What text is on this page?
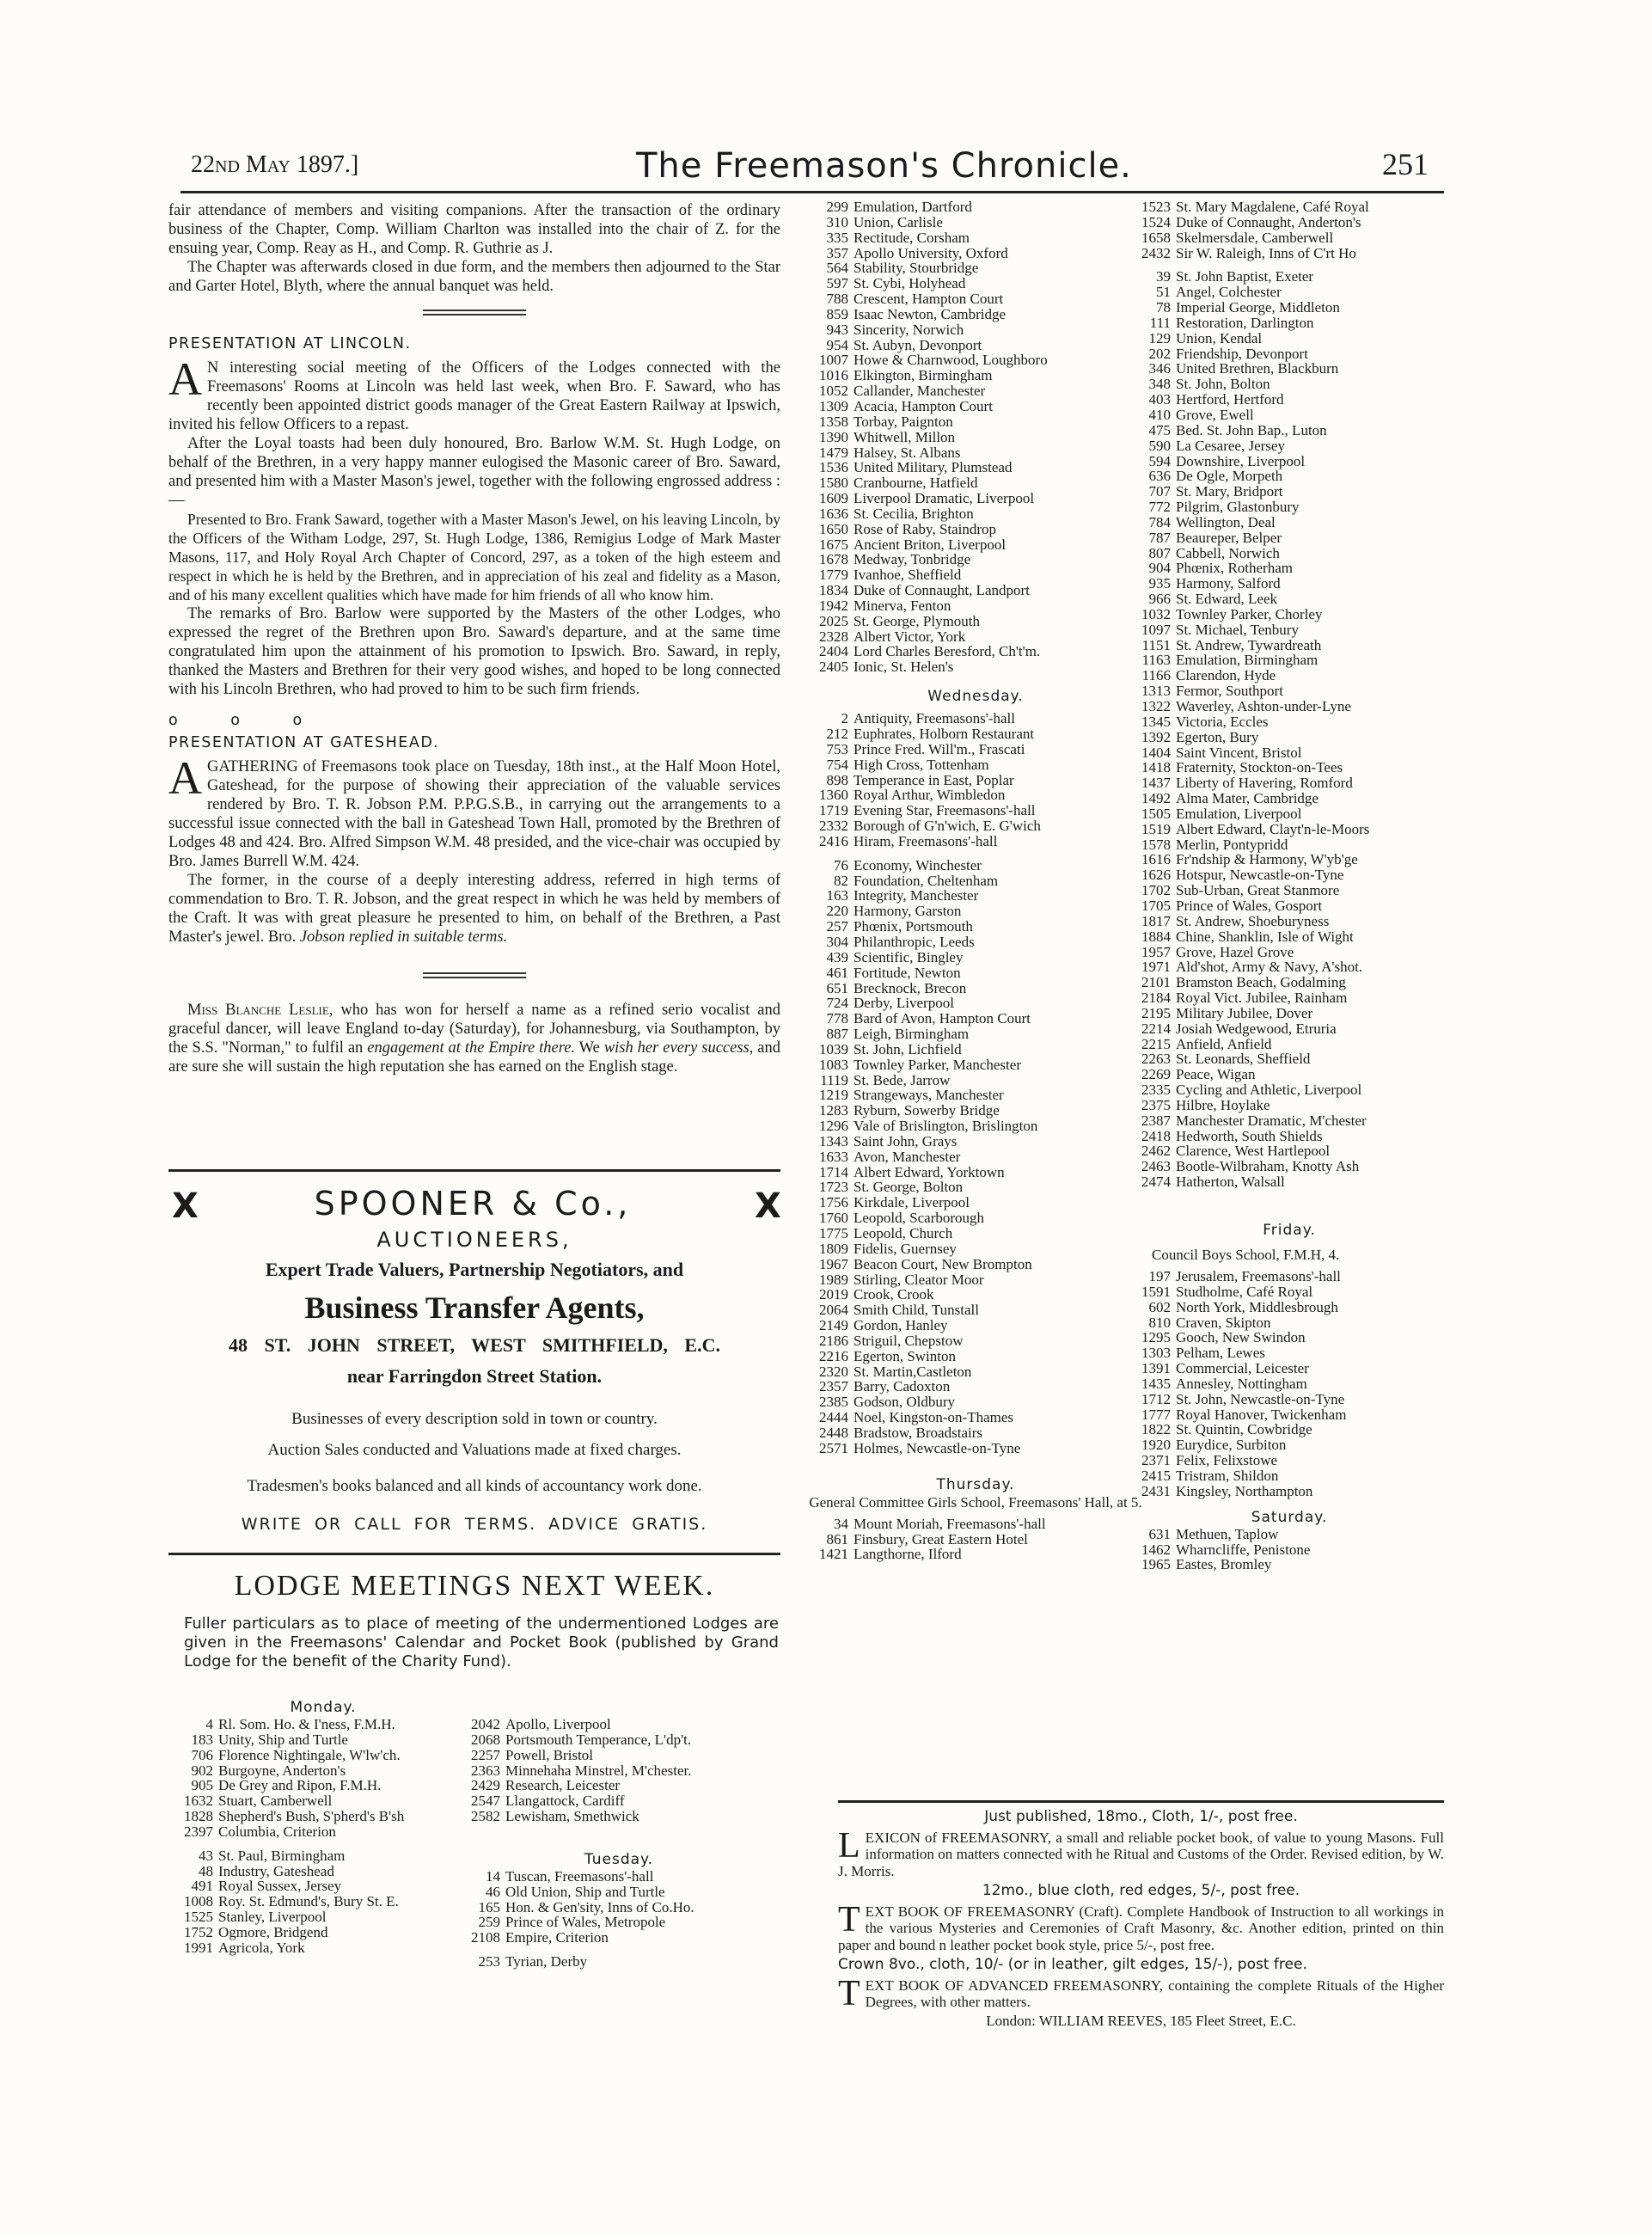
22nd May 1897.]	The Freemason's Chronicle.	251

fair attendance of members and visiting companions. After the transaction of the ordinary business of the Chapter, Comp. William Charlton was installed into the chair of Z. for the ensuing year, Comp. Reay as H., and Comp. R. Guthrie as J.

The Chapter was afterwards closed in due form, and the members then adjourned to the Star and Garter Hotel, Blyth, where the annual banquet was held.

PRESENTATION AT LINCOLN.

A N interesting social meeting of the Officers of the Lodges connected with the Freemasons' Rooms at Lincoln was held last week, when Bro. F. Saward, who has recently been appointed district goods manager of the Great Eastern Railway at Ipswich, invited his fellow Officers to a repast.

After the Loyal toasts had been duly honoured, Bro. Barlow W.M. St. Hugh Lodge, on behalf of the Brethren, in a very happy manner eulogised the Masonic career of Bro. Saward, and presented him with a Master Mason's jewel, together with the following engrossed address :—

Presented to Bro. Frank Saward, together with a Master Mason's Jewel, on his leaving Lincoln, by the Officers of the Witham Lodge, 297, St. Hugh Lodge, 1386, Remigius Lodge of Mark Master Masons, 117, and Holy Royal Arch Chapter of Concord, 297, as a token of the high esteem and respect in which he is held by the Brethren, and in appreciation of his zeal and fidelity as a Mason, and of his many excellent qualities which have made for him friends of all who know him.

The remarks of Bro. Barlow were supported by the Masters of the other Lodges, who expressed the regret of the Brethren upon Bro. Saward's departure, and at the same time congratulated him upon the attainment of his promotion to Ipswich. Bro. Saward, in reply, thanked the Masters and Brethren for their very good wishes, and hoped to be long connected with his Lincoln Brethren, who had proved to him to be such firm friends.

o o o

PRESENTATION AT GATESHEAD.

AGATHERING of Freemasons took place on Tuesday, 18th inst., at the Half Moon Hotel, Gateshead, for the purpose of showing their appreciation of the valuable services rendered by Bro. T. R. Jobson P.M. P.P.G.S.B., in carrying out the arrangements to a successful issue connected with the ball in Gateshead Town Hall, promoted by the Brethren of Lodges 48 and 424. Bro. Alfred Simpson W.M. 48 presided, and the vice-chair was occupied by Bro. James Burrell W.M. 424.

The former, in the course of a deeply interesting address, referred in high terms of commendation to Bro. T. R. Jobson, and the great respect in which he was held by members of the Craft. It was with great pleasure he presented to him, on behalf of the Brethren, a Past Master's jewel. Bro. Jobson replied in suitable terms.

Miss Blanche Leslie, who has won for herself a name as a refined serio vocalist and graceful dancer, will leave England to-day (Saturday), for Johannesburg, via Southampton, by the S.S. "Norman," to fulfil an engagement at the Empire there. We wish her every success, and are sure she will sustain the high reputation she has earned on the English stage.

X	X
SPOONER & Co.,
AUCTIONEERS,
Expert Trade Valuers, Partnership Negotiators, and
Business Transfer Agents,
48 ST. JOHN STREET, WEST SMITHFIELD, E.C.
near Farringdon Street Station.
Businesses of every description sold in town or country.
Auction Sales conducted and Valuations made at fixed charges.
Tradesmen's books balanced and all kinds of accountancy work done.
WRITE OR CALL FOR TERMS. ADVICE GRATIS.
LODGE MEETINGS NEXT WEEK.
Fuller particulars as to place of meeting of the undermentioned Lodges are given in the Freemasons' Calendar and Pocket Book (published by Grand Lodge for the benefit of the Charity Fund).
Monday.
4 Rl. Som. Ho. & I'ness, F.M.H.
183 Unity, Ship and Turtle
706 Florence Nightingale, W'lw'ch.
902 Burgoyne, Anderton's
905 De Grey and Ripon, F.M.H.
1632 Stuart, Camberwell
1828 Shepherd's Bush, S'pherd's B'sh
2397 Columbia, Criterion
43 St. Paul, Birmingham
48 Industry, Gateshead
491 Royal Sussex, Jersey
1008 Roy. St. Edmund's, Bury St. E.
1525 Stanley, Liverpool
1752 Ogmore, Bridgend
1991 Agricola, York
2042 Apollo, Liverpool
2068 Portsmouth Temperance, L'dp't.
2257 Powell, Bristol
2363 Minnehaha Minstrel, M'chester.
2429 Research, Leicester
2547 Llangattock, Cardiff
2582 Lewisham, Smethwick
Tuesday.
14 Tuscan, Freemasons'-hall
46 Old Union, Ship and Turtle
165 Hon. & Gen'sity, Inns of Co.Ho.
259 Prince of Wales, Metropole
2108 Empire, Criterion
253 Tyrian, Derby
299 Emulation, Dartford
310 Union, Carlisle
335 Rectitude, Corsham
357 Apollo University, Oxford
564 Stability, Stourbridge
597 St. Cybi, Holyhead
788 Crescent, Hampton Court
859 Isaac Newton, Cambridge
943 Sincerity, Norwich
954 St. Aubyn, Devonport
1007 Howe & Charnwood, Loughboro
1016 Elkington, Birmingham
1052 Callander, Manchester
1309 Acacia, Hampton Court
1358 Torbay, Paignton
1390 Whitwell, Millon
1479 Halsey, St. Albans
1536 United Military, Plumstead
1580 Cranbourne, Hatfield
1609 Liverpool Dramatic, Liverpool
1636 St. Cecilia, Brighton
1650 Rose of Raby, Staindrop
1675 Ancient Briton, Liverpool
1678 Medway, Tonbridge
1779 Ivanhoe, Sheffield
1834 Duke of Connaught, Landport
1942 Minerva, Fenton
2025 St. George, Plymouth
2328 Albert Victor, York
2404 Lord Charles Beresford, Ch't'm.
2405 Ionic, St. Helen's
Wednesday.
2 Antiquity, Freemasons'-hall
212 Euphrates, Holborn Restaurant
753 Prince Fred. Will'm., Frascati
754 High Cross, Tottenham
898 Temperance in East, Poplar
1360 Royal Arthur, Wimbledon
1719 Evening Star, Freemasons'-hall
2332 Borough of G'n'wich, E. G'wich
2416 Hiram, Freemasons'-hall
76 Economy, Winchester
82 Foundation, Cheltenham
163 Integrity, Manchester
220 Harmony, Garston
257 Phœnix, Portsmouth
304 Philanthropic, Leeds
439 Scientific, Bingley
461 Fortitude, Newton
651 Brecknock, Brecon
724 Derby, Liverpool
778 Bard of Avon, Hampton Court
887 Leigh, Birmingham
1039 St. John, Lichfield
1083 Townley Parker, Manchester
1119 St. Bede, Jarrow
1219 Strangeways, Manchester
1283 Ryburn, Sowerby Bridge
1296 Vale of Brislington, Brislington
1343 Saint John, Grays
1633 Avon, Manchester
1714 Albert Edward, Yorktown
1723 St. George, Bolton
1756 Kirkdale, Liverpool
1760 Leopold, Scarborough
1775 Leopold, Church
1809 Fidelis, Guernsey
1967 Beacon Court, New Brompton
1989 Stirling, Cleator Moor
2019 Crook, Crook
2064 Smith Child, Tunstall
2149 Gordon, Hanley
2186 Striguil, Chepstow
2216 Egerton, Swinton
2320 St. Martin,Castleton
2357 Barry, Cadoxton
2385 Godson, Oldbury
2444 Noel, Kingston-on-Thames
2448 Bradstow, Broadstairs
2571 Holmes, Newcastle-on-Tyne
Thursday.
General Committee Girls School, Freemasons' Hall, at 5.
34 Mount Moriah, Freemasons'-hall
861 Finsbury, Great Eastern Hotel
1421 Langthorne, Ilford
1523 St. Mary Magdalene, Café Royal
1524 Duke of Connaught, Anderton's
1658 Skelmersdale, Camberwell
2432 Sir W. Raleigh, Inns of C'rt Ho
39 St. John Baptist, Exeter
51 Angel, Colchester
78 Imperial George, Middleton
111 Restoration, Darlington
129 Union, Kendal
202 Friendship, Devonport
346 United Brethren, Blackburn
348 St. John, Bolton
403 Hertford, Hertford
410 Grove, Ewell
475 Bed. St. John Bap., Luton
590 La Cesaree, Jersey
594 Downshire, Liverpool
636 De Ogle, Morpeth
707 St. Mary, Bridport
772 Pilgrim, Glastonbury
784 Wellington, Deal
787 Beaureper, Belper
807 Cabbell, Norwich
904 Phœnix, Rotherham
935 Harmony, Salford
966 St. Edward, Leek
1032 Townley Parker, Chorley
1097 St. Michael, Tenbury
1151 St. Andrew, Tywardreath
1163 Emulation, Birmingham
1166 Clarendon, Hyde
1313 Fermor, Southport
1322 Waverley, Ashton-under-Lyne
1345 Victoria, Eccles
1392 Egerton, Bury
1404 Saint Vincent, Bristol
1418 Fraternity, Stockton-on-Tees
1437 Liberty of Havering, Romford
1492 Alma Mater, Cambridge
1505 Emulation, Liverpool
1519 Albert Edward, Clayt'n-le-Moors
1578 Merlin, Pontypridd
1616 Fr'ndship & Harmony, W'yb'ge
1626 Hotspur, Newcastle-on-Tyne
1702 Sub-Urban, Great Stanmore
1705 Prince of Wales, Gosport
1817 St. Andrew, Shoeburyness
1884 Chine, Shanklin, Isle of Wight
1957 Grove, Hazel Grove
1971 Ald'shot, Army & Navy, A'shot.
2101 Bramston Beach, Godalming
2184 Royal Vict. Jubilee, Rainham
2195 Military Jubilee, Dover
2214 Josiah Wedgewood, Etruria
2215 Anfield, Anfield
2263 St. Leonards, Sheffield
2269 Peace, Wigan
2335 Cycling and Athletic, Liverpool
2375 Hilbre, Hoylake
2387 Manchester Dramatic, M'chester
2418 Hedworth, South Shields
2462 Clarence, West Hartlepool
2463 Bootle-Wilbraham, Knotty Ash
2474 Hatherton, Walsall
Friday.
Council Boys School, F.M.H, 4.
197 Jerusalem, Freemasons'-hall
1591 Studholme, Café Royal
602 North York, Middlesbrough
810 Craven, Skipton
1295 Gooch, New Swindon
1303 Pelham, Lewes
1391 Commercial, Leicester
1435 Annesley, Nottingham
1712 St. John, Newcastle-on-Tyne
1777 Royal Hanover, Twickenham
1822 St. Quintin, Cowbridge
1920 Eurydice, Surbiton
2371 Felix, Felixstowe
2415 Tristram, Shildon
2431 Kingsley, Northampton
Saturday.
631 Methuen, Taplow
1462 Wharncliffe, Penistone
1965 Eastes, Bromley
Just published, 18mo., Cloth, 1/-, post free.

LEXICON of FREEMASONRY, a small and reliable pocket book, of value to young Masons. Full information on matters connected with he Ritual and Customs of the Order. Revised edition, by W. J. Morris.

12mo., blue cloth, red edges, 5/-, post free.

TEXT BOOK OF FREEMASONRY (Craft). Complete Handbook of Instruction to all workings in the various Mysteries and Ceremonies of Craft Masonry, &c. Another edition, printed on thin paper and bound n leather pocket book style, price 5/-, post free.

Crown 8vo., cloth, 10/- (or in leather, gilt edges, 15/-), post free.

TEXT BOOK OF ADVANCED FREEMASONRY, containing the complete Rituals of the Higher Degrees, with other matters.

London: WILLIAM REEVES, 185 Fleet Street, E.C.
